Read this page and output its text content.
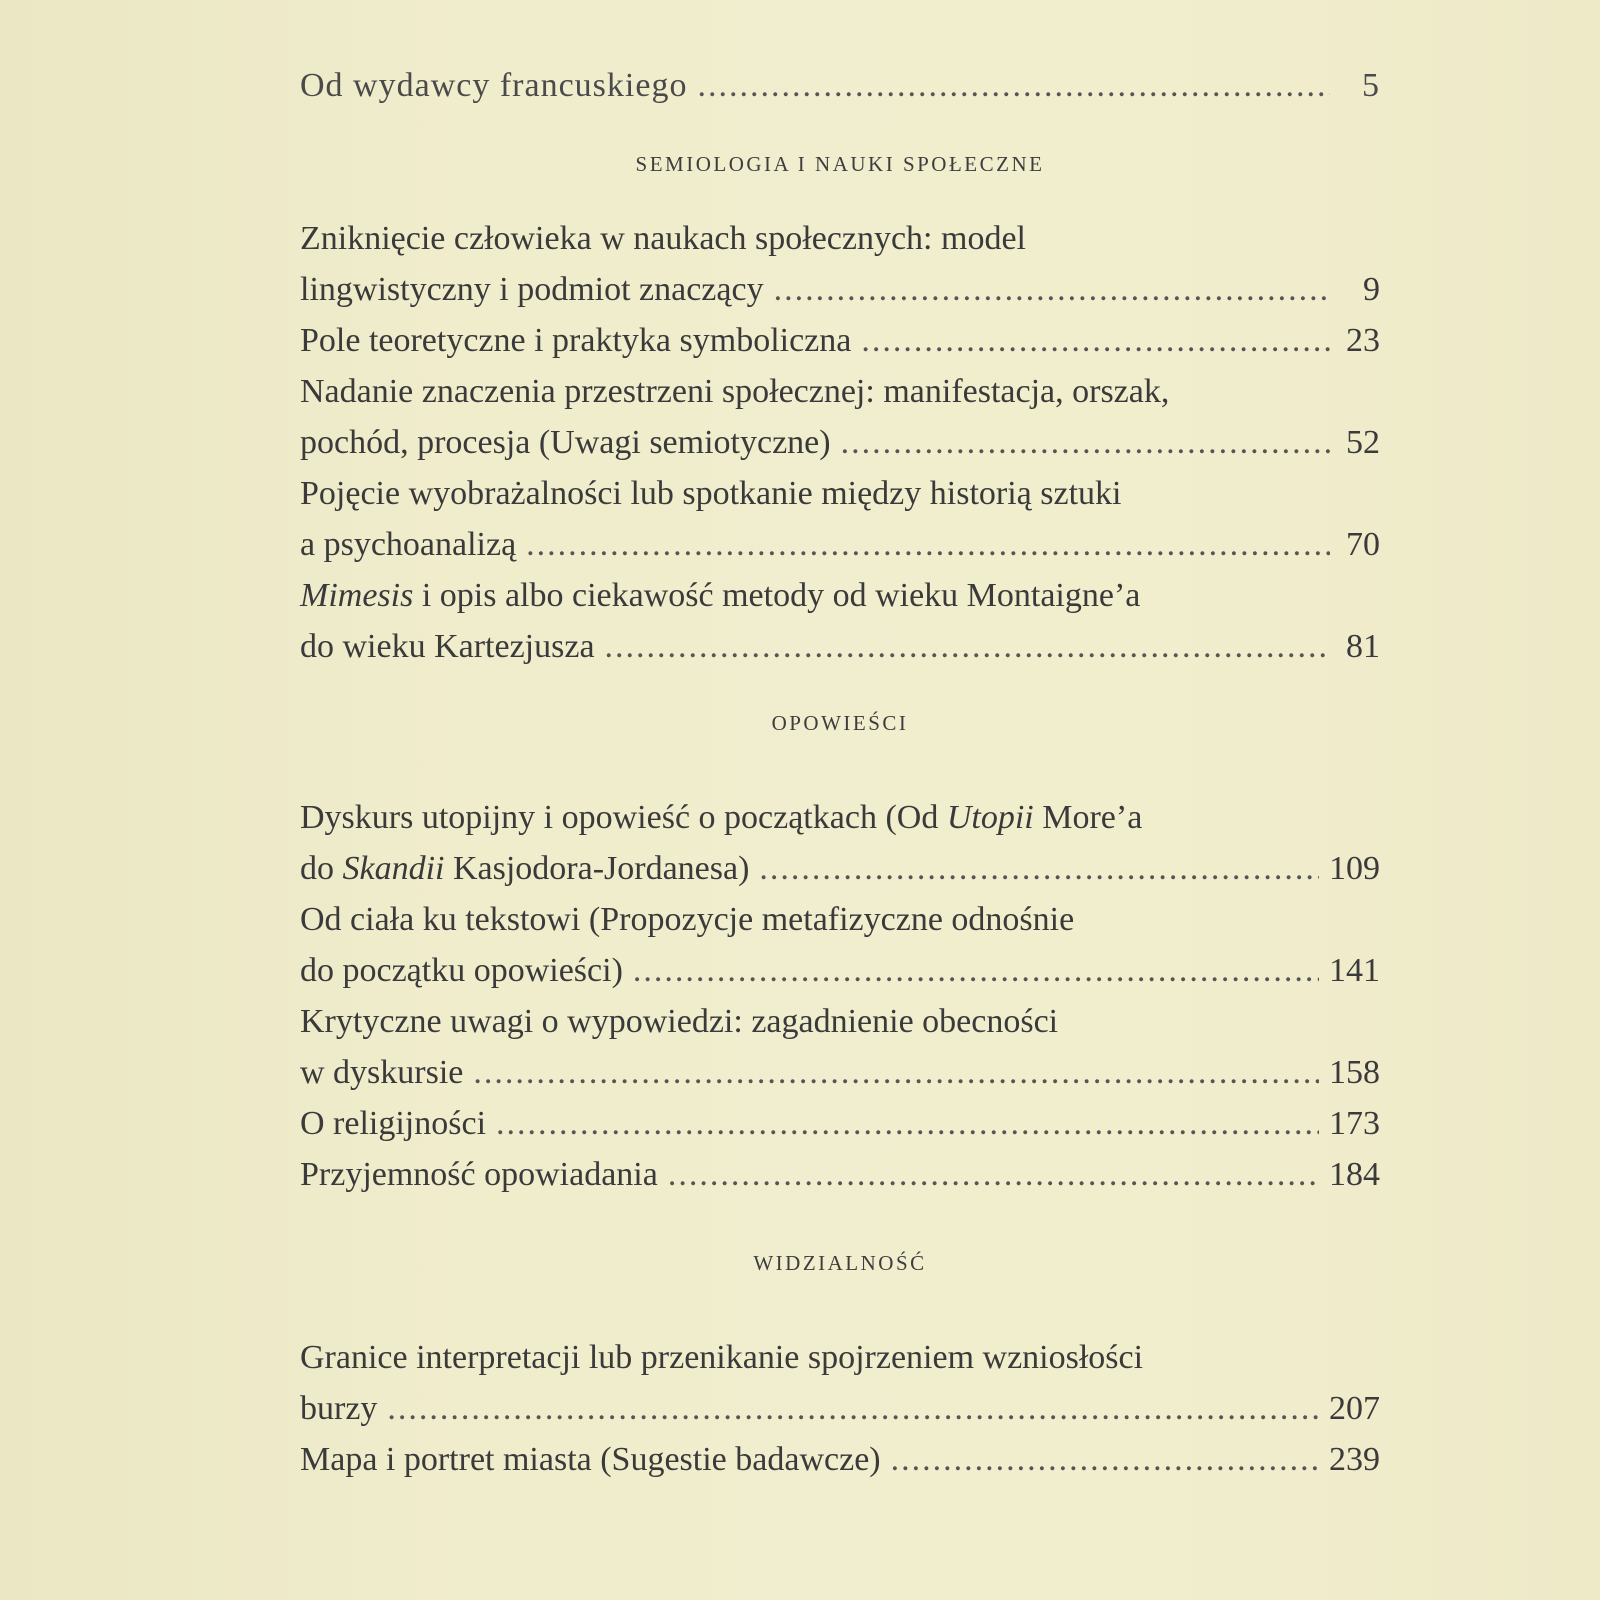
Od wydawcy francuskiego .....	5
SEMIOLOGIA I NAUKI SPOŁECZNE
Zniknięcie człowieka w naukach społecznych: model
lingwistyczny i podmiot znaczący .....	9
Pole teoretyczne i praktyka symboliczna .....	23
Nadanie znaczenia przestrzeni społecznej: manifestacja, orszak,
pochód, procesja (Uwagi semiotyczne) .....	52
Pojęcie wyobrażalności lub spotkanie między historią sztuki
a psychoanalizą .....	70
Mimesis i opis albo ciekawość metody od wieku Montaigne’a
do wieku Kartezjusza .....	81
OPOWIEŚCI
Dyskurs utopijny i opowieść o początkach (Od Utopii More’a
do Skandii Kasjodora-Jordanesa) .....	109
Od ciała ku tekstowi (Propozycje metafizyczne odnośnie
do początku opowieści) .....	141
Krytyczne uwagi o wypowiedzi: zagadnienie obecności
w dyskursie .....	158
O religijności .....	173
Przyjemność opowiadania .....	184
WIDZIALNOŚĆ
Granice interpretacji lub przenikanie spojrzeniem wzniosłości
burzy .....	207
Mapa i portret miasta (Sugestie badawcze) .....	239
